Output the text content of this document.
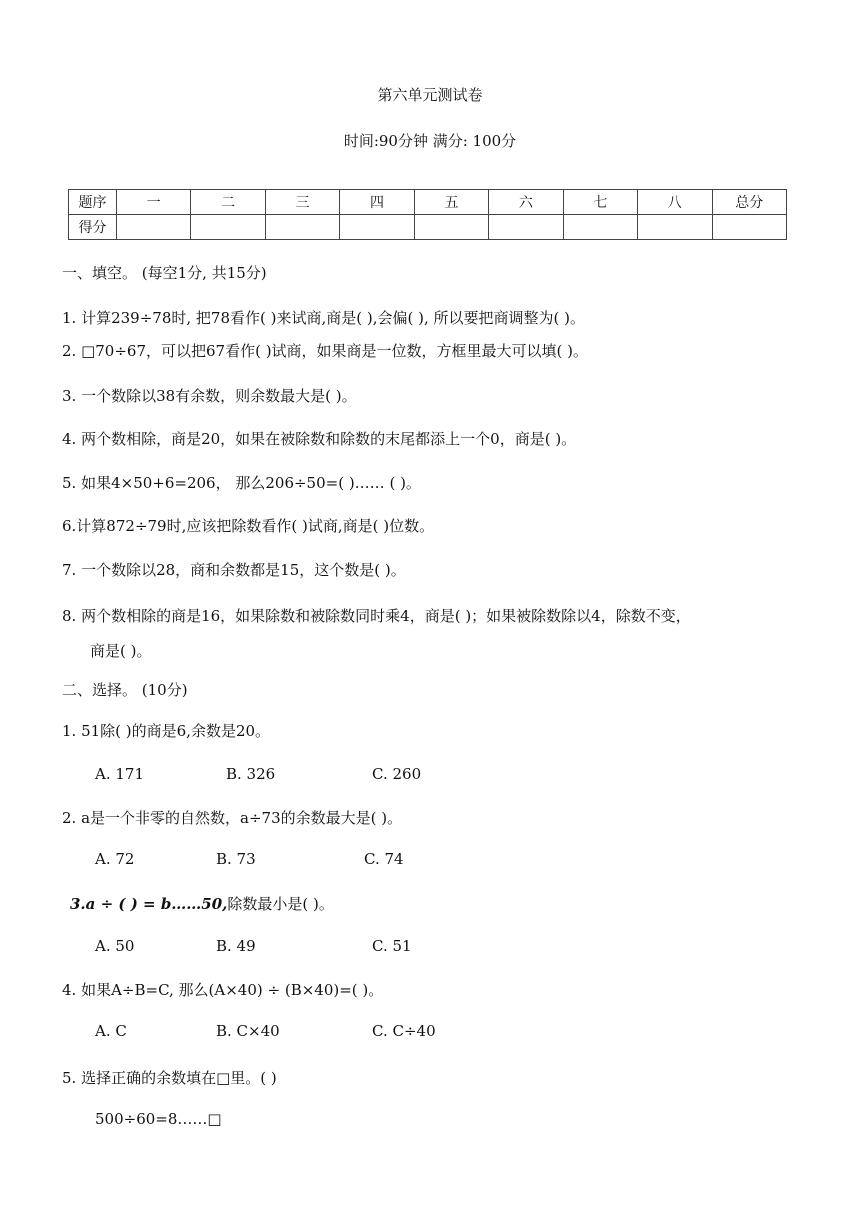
第六单元测试卷
时间:90分钟 满分: 100分
题序	一	二	三	四	五	六	七	八	总分
得分									
一、填空。 (每空1分, 共15分)
1. 计算239÷78时, 把78看作( )来试商,商是( ),会偏( ), 所以要把商调整为( )。
2. □70÷67，可以把67看作( )试商，如果商是一位数，方框里最大可以填( )。
3. 一个数除以38有余数，则余数最大是( )。
4. 两个数相除，商是20，如果在被除数和除数的末尾都添上一个0，商是( )。
5. 如果4×50+6=206， 那么206÷50=( )…… ( )。
6.计算872÷79时,应该把除数看作( )试商,商是( )位数。
7. 一个数除以28，商和余数都是15，这个数是( )。
8. 两个数相除的商是16，如果除数和被除数同时乘4，商是( )；如果被除数除以4，除数不变，
商是( )。
二、选择。 (10分)
1. 51除( )的商是6,余数是20。
A. 171	B. 326	C. 260
2. a是一个非零的自然数，a÷73的余数最大是( )。
A. 72	B. 73	C. 74
3.a ÷ ( ) = b……50,除数最小是( )。
A. 50	B. 49	C. 51
4. 如果A÷B=C, 那么(A×40) ÷ (B×40)=( )。
A. C	B. C×40	C. C÷40
5. 选择正确的余数填在□里。( )
500÷60=8……□
